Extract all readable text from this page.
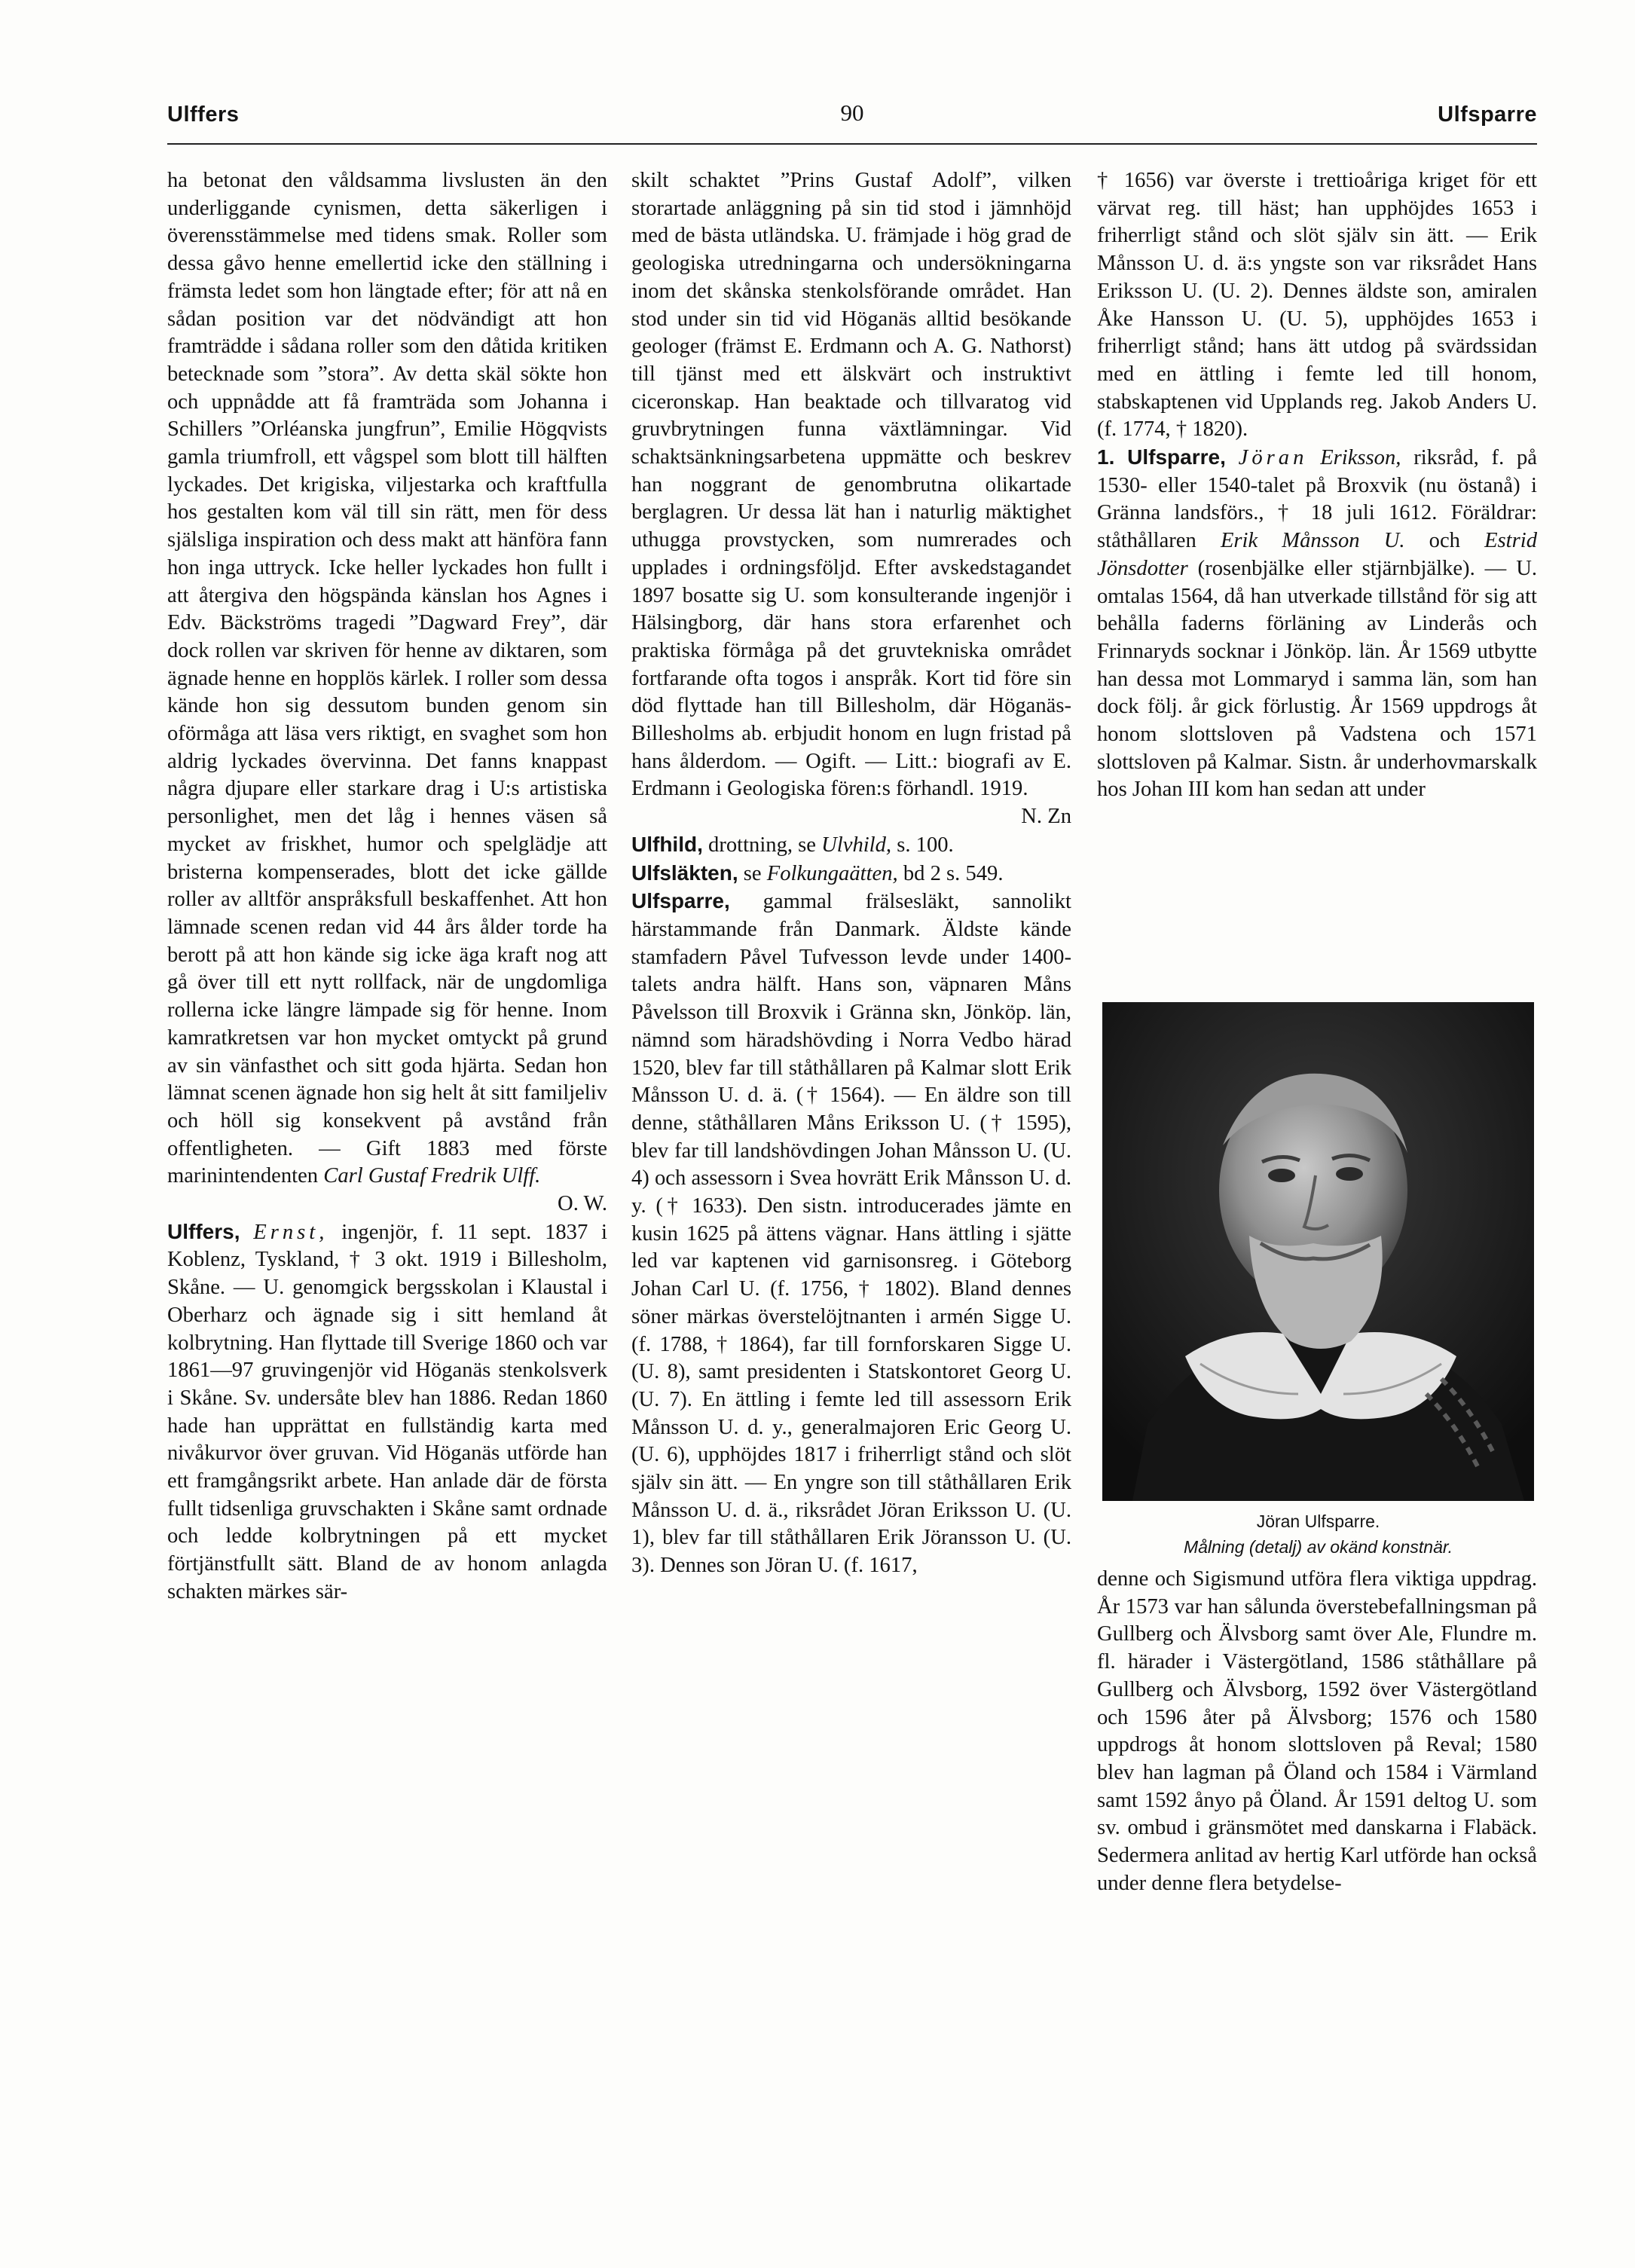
Ulffers	90	Ulfsparre

ha betonat den våldsamma livslusten än den underliggande cynismen, detta säkerligen i överensstämmelse med tidens smak. Roller som dessa gåvo henne emellertid icke den ställning i främsta ledet som hon längtade efter; för att nå en sådan position var det nödvändigt att hon framträdde i sådana roller som den dåtida kritiken betecknade som ”stora”. Av detta skäl sökte hon och uppnådde att få framträda som Johanna i Schillers ”Orléanska jungfrun”, Emilie Högqvists gamla triumfroll, ett vågspel som blott till hälften lyckades. Det krigiska, viljestarka och kraftfulla hos gestalten kom väl till sin rätt, men för dess själsliga inspiration och dess makt att hänföra fann hon inga uttryck. Icke heller lyckades hon fullt i att återgiva den högspända känslan hos Agnes i Edv. Bäckströms tragedi ”Dagward Frey”, där dock rollen var skriven för henne av diktaren, som ägnade henne en hopplös kärlek. I roller som dessa kände hon sig dessutom bunden genom sin oförmåga att läsa vers riktigt, en svaghet som hon aldrig lyckades övervinna. Det fanns knappast några djupare eller starkare drag i U:s artistiska personlighet, men det låg i hennes väsen så mycket av friskhet, humor och spelglädje att bristerna kompenserades, blott det icke gällde roller av alltför anspråksfull beskaffenhet. Att hon lämnade scenen redan vid 44 års ålder torde ha berott på att hon kände sig icke äga kraft nog att gå över till ett nytt rollfack, när de ungdomliga rollerna icke längre lämpade sig för henne. Inom kamratkretsen var hon mycket omtyckt på grund av sin vänfasthet och sitt goda hjärta. Sedan hon lämnat scenen ägnade hon sig helt åt sitt familjeliv och höll sig konsekvent på avstånd från offentligheten. — Gift 1883 med förste marinintendenten Carl Gustaf Fredrik Ulff.

O. W.

Ulffers, Ernst, ingenjör, f. 11 sept. 1837 i Koblenz, Tyskland, † 3 okt. 1919 i Billesholm, Skåne. — U. genomgick bergsskolan i Klaustal i Oberharz och ägnade sig i sitt hemland åt kolbrytning. Han flyttade till Sverige 1860 och var 1861—97 gruvingenjör vid Höganäs stenkolsverk i Skåne. Sv. undersåte blev han 1886. Redan 1860 hade han upprättat en fullständig karta med nivåkurvor över gruvan. Vid Höganäs utförde han ett framgångsrikt arbete. Han anlade där de första fullt tidsenliga gruvschakten i Skåne samt ordnade och ledde kolbrytningen på ett mycket förtjänstfullt sätt. Bland de av honom anlagda schakten märkes sär-

skilt schaktet ”Prins Gustaf Adolf”, vilken storartade anläggning på sin tid stod i jämnhöjd med de bästa utländska. U. främjade i hög grad de geologiska utredningarna och undersökningarna inom det skånska stenkolsförande området. Han stod under sin tid vid Höganäs alltid besökande geologer (främst E. Erdmann och A. G. Nathorst) till tjänst med ett älskvärt och instruktivt ciceronskap. Han beaktade och tillvaratog vid gruvbrytningen funna växtlämningar. Vid schaktsänkningsarbetena uppmätte och beskrev han noggrant de genombrutna olikartade berglagren. Ur dessa lät han i naturlig mäktighet uthugga provstycken, som numrerades och upplades i ordningsföljd. Efter avskedstagandet 1897 bosatte sig U. som konsulterande ingenjör i Hälsingborg, där hans stora erfarenhet och praktiska förmåga på det gruvtekniska området fortfarande ofta togos i anspråk. Kort tid före sin död flyttade han till Billesholm, där Höganäs-Billesholms ab. erbjudit honom en lugn fristad på hans ålderdom. — Ogift. — Litt.: biografi av E. Erdmann i Geologiska fören:s förhandl. 1919.

N. Zn

Ulfhild, drottning, se Ulvhild, s. 100.

Ulfsläkten, se Folkungaätten, bd 2 s. 549.

Ulfsparre, gammal frälsesläkt, sannolikt härstammande från Danmark. Äldste kände stamfadern Påvel Tufvesson levde under 1400-talets andra hälft. Hans son, väpnaren Måns Påvelsson till Broxvik i Gränna skn, Jönköp. län, nämnd som häradshövding i Norra Vedbo härad 1520, blev far till ståthållaren på Kalmar slott Erik Månsson U. d. ä. († 1564). — En äldre son till denne, ståthållaren Måns Eriksson U. († 1595), blev far till landshövdingen Johan Månsson U. (U. 4) och assessorn i Svea hovrätt Erik Månsson U. d. y. († 1633). Den sistn. introducerades jämte en kusin 1625 på ättens vägnar. Hans ättling i sjätte led var kaptenen vid garnisonsreg. i Göteborg Johan Carl U. (f. 1756, † 1802). Bland dennes söner märkas överstelöjtnanten i armén Sigge U. (f. 1788, † 1864), far till fornforskaren Sigge U. (U. 8), samt presidenten i Statskontoret Georg U. (U. 7). En ättling i femte led till assessorn Erik Månsson U. d. y., generalmajoren Eric Georg U. (U. 6), upphöjdes 1817 i friherrligt stånd och slöt själv sin ätt. — En yngre son till ståthållaren Erik Månsson U. d. ä., riksrådet Jöran Eriksson U. (U. 1), blev far till ståthållaren Erik Jöransson U. (U. 3). Dennes son Jöran U. (f. 1617,

† 1656) var överste i trettioåriga kriget för ett värvat reg. till häst; han upphöjdes 1653 i friherrligt stånd och slöt själv sin ätt. — Erik Månsson U. d. ä:s yngste son var riksrådet Hans Eriksson U. (U. 2). Dennes äldste son, amiralen Åke Hansson U. (U. 5), upphöjdes 1653 i friherrligt stånd; hans ätt utdog på svärdssidan med en ättling i femte led till honom, stabskaptenen vid Upplands reg. Jakob Anders U. (f. 1774, † 1820).

1. Ulfsparre, Jöran Eriksson, riksråd, f. på 1530- eller 1540-talet på Broxvik (nu östanå) i Gränna landsförs., † 18 juli 1612. Föräldrar: ståthållaren Erik Månsson U. och Estrid Jönsdotter (rosenbjälke eller stjärnbjälke). — U. omtalas 1564, då han utverkade tillstånd för sig att behålla faderns förläning av Linderås och Frinnaryds socknar i Jönköp. län. År 1569 utbytte han dessa mot Lommaryd i samma län, som han dock följ. år gick förlustig. År 1569 uppdrogs åt honom slottsloven på Vadstena och 1571 slottsloven på Kalmar. Sistn. år underhovmarskalk hos Johan III kom han sedan att under

Jöran Ulfsparre.
Målning (detalj) av okänd konstnär.

denne och Sigismund utföra flera viktiga uppdrag. År 1573 var han sålunda överstebefallningsman på Gullberg och Älvsborg samt över Ale, Flundre m. fl. härader i Västergötland, 1586 ståthållare på Gullberg och Älvsborg, 1592 över Västergötland och 1596 åter på Älvsborg; 1576 och 1580 uppdrogs åt honom slottsloven på Reval; 1580 blev han lagman på Öland och 1584 i Värmland samt 1592 ånyo på Öland. År 1591 deltog U. som sv. ombud i gränsmötet med danskarna i Flabäck. Sedermera anlitad av hertig Karl utförde han också under denne flera betydelse-
